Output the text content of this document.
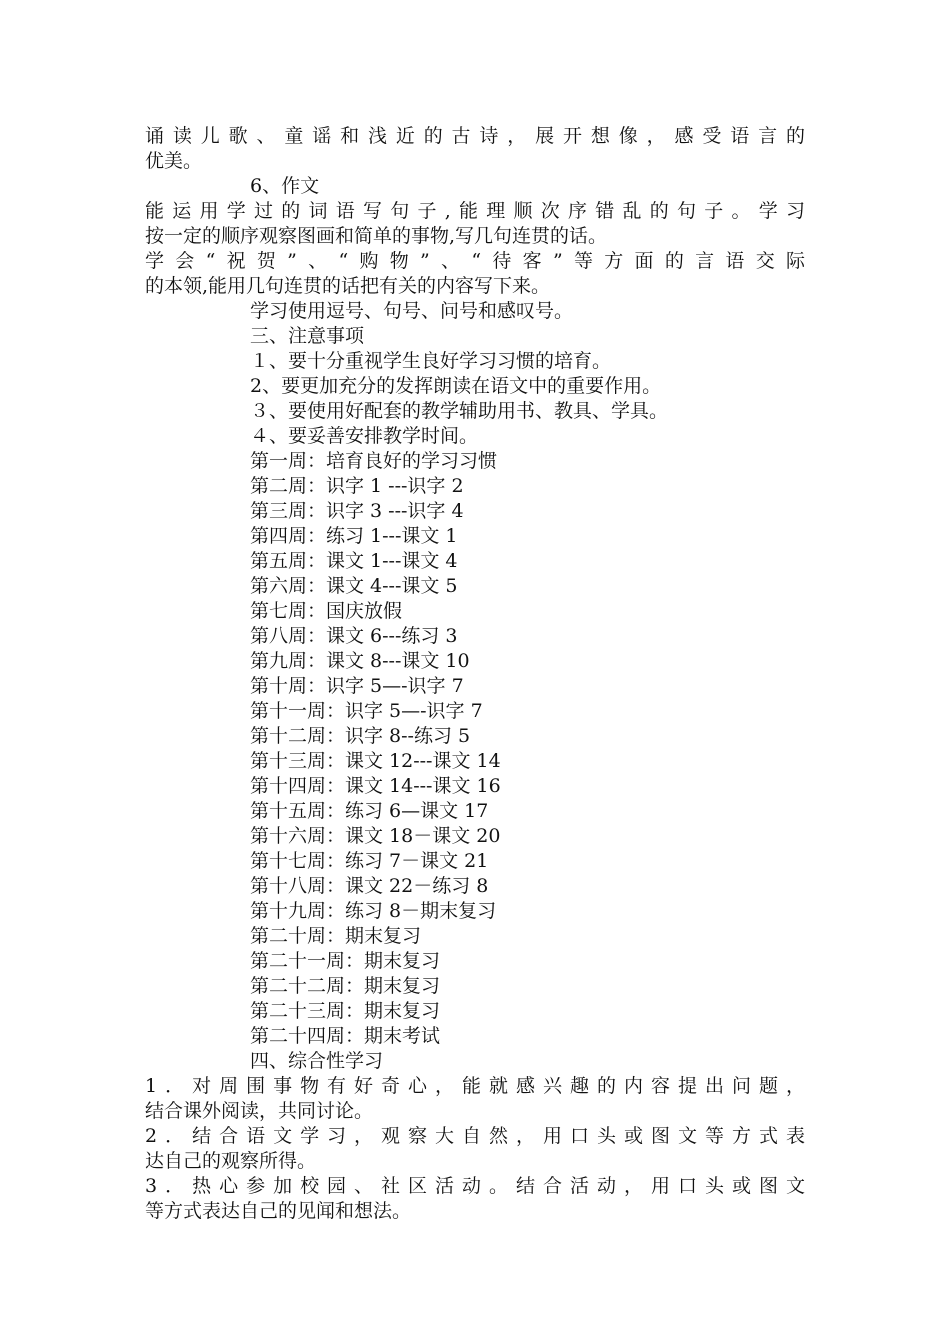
诵读儿歌、童谣和浅近的古诗，展开想像，感受语言的
优美。
6、作文
能运用学过的词语写句子,能理顺次序错乱的句子。学习
按一定的顺序观察图画和简单的事物,写几句连贯的话。
学会“祝贺”、“购物”、“待客”等方面的言语交际
的本领,能用几句连贯的话把有关的内容写下来。
学习使用逗号、句号、问号和感叹号。
三、注意事项
１、要十分重视学生良好学习习惯的培育。
2、要更加充分的发挥朗读在语文中的重要作用。
３、要使用好配套的教学辅助用书、教具、学具。
４、要妥善安排教学时间。
第一周：培育良好的学习习惯
第二周：识字 1 ---识字 2
第三周：识字 3 ---识字 4
第四周：练习 1---课文 1
第五周：课文 1---课文 4
第六周：课文 4---课文 5
第七周：国庆放假
第八周：课文 6---练习 3
第九周：课文 8---课文 10
第十周：识字 5—-识字 7
第十一周：识字 5—-识字 7
第十二周：识字 8--练习 5
第十三周：课文 12---课文 14
第十四周：课文 14---课文 16
第十五周：练习 6—课文 17
第十六周：课文 18－课文 20
第十七周：练习 7－课文 21
第十八周：课文 22－练习 8
第十九周：练习 8－期末复习
第二十周：期末复习
第二十一周：期末复习
第二十二周：期末复习
第二十三周：期末复习
第二十四周：期末考试
四、综合性学习
1．对周围事物有好奇心，能就感兴趣的内容提出问题，
结合课外阅读，共同讨论。
2．结合语文学习，观察大自然，用口头或图文等方式表
达自己的观察所得。
3．热心参加校园、社区活动。结合活动，用口头或图文
等方式表达自己的见闻和想法。
